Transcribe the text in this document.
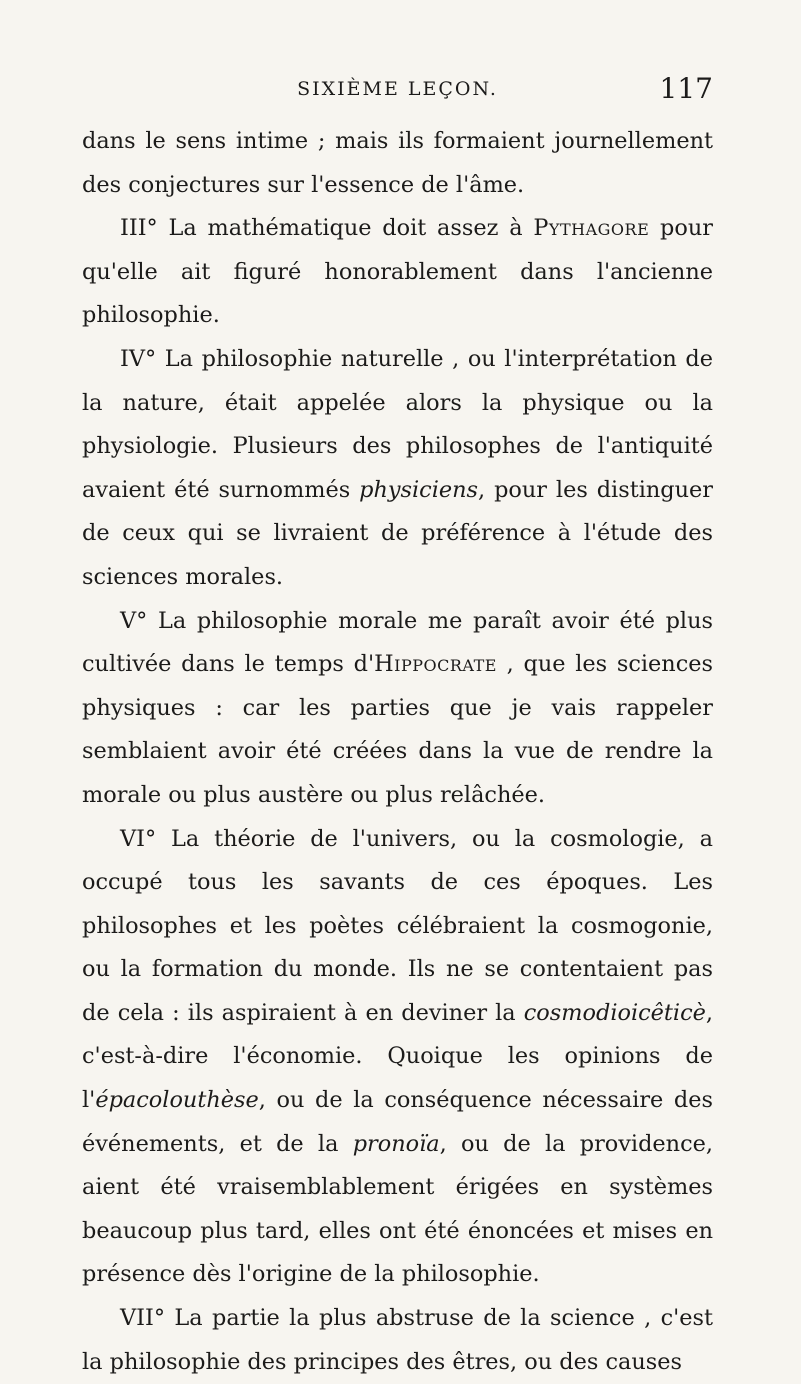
SIXIÈME LEÇON.	117

dans le sens intime ; mais ils formaient journellement des conjectures sur l'essence de l'âme.

III° La mathématique doit assez à Pythagore pour qu'elle ait figuré honorablement dans l'ancienne philosophie.

IV° La philosophie naturelle , ou l'interprétation de la nature, était appelée alors la physique ou la physiologie. Plusieurs des philosophes de l'antiquité avaient été surnommés physiciens, pour les distinguer de ceux qui se livraient de préférence à l'étude des sciences morales.

V° La philosophie morale me paraît avoir été plus cultivée dans le temps d'Hippocrate , que les sciences physiques : car les parties que je vais rappeler semblaient avoir été créées dans la vue de rendre la morale ou plus austère ou plus relâchée.

VI° La théorie de l'univers, ou la cosmologie, a occupé tous les savants de ces époques. Les philosophes et les poètes célébraient la cosmogonie, ou la formation du monde. Ils ne se contentaient pas de cela : ils aspiraient à en deviner la cosmodioicêticè, c'est-à-dire l'économie. Quoique les opinions de l'épacolouthèse, ou de la conséquence nécessaire des événements, et de la pronoïa, ou de la providence, aient été vraisemblablement érigées en systèmes beaucoup plus tard, elles ont été énoncées et mises en présence dès l'origine de la philosophie.

VII° La partie la plus abstruse de la science , c'est la philosophie des principes des êtres, ou des causes
